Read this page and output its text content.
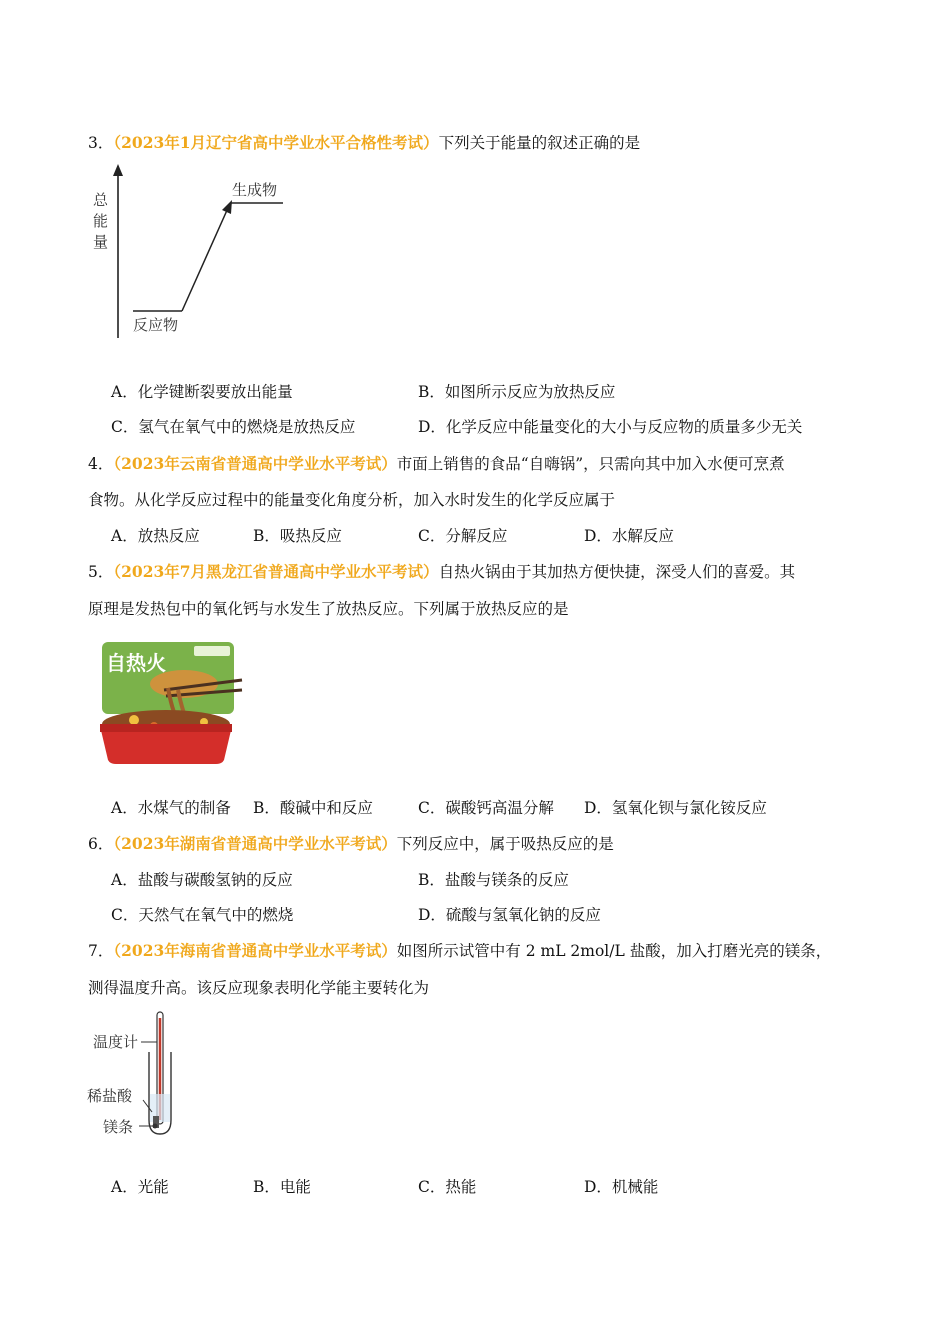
3．（2023年1月辽宁省高中学业水平合格性考试）下列关于能量的叙述正确的是
总
能
量
生成物
反应物
A．化学键断裂要放出能量	B．如图所示反应为放热反应
C．氢气在氧气中的燃烧是放热反应	D．化学反应中能量变化的大小与反应物的质量多少无关
4．（2023年云南省普通高中学业水平考试）市面上销售的食品“自嗨锅”，只需向其中加入水便可烹煮
食物。从化学反应过程中的能量变化角度分析，加入水时发生的化学反应属于
A．放热反应	B．吸热反应	C．分解反应	D．水解反应
5．（2023年7月黑龙江省普通高中学业水平考试）自热火锅由于其加热方便快捷，深受人们的喜爱。其
原理是发热包中的氧化钙与水发生了放热反应。下列属于放热反应的是
自热火
A．水煤气的制备 B．酸碱中和反应	C．碳酸钙高温分解 D．氢氧化钡与氯化铵反应
6．（2023年湖南省普通高中学业水平考试）下列反应中，属于吸热反应的是
A．盐酸与碳酸氢钠的反应	B．盐酸与镁条的反应
C．天然气在氧气中的燃烧	D．硫酸与氢氧化钠的反应
7．（2023年海南省普通高中学业水平考试）如图所示试管中有 2 mL 2mol/L 盐酸，加入打磨光亮的镁条，
测得温度升高。该反应现象表明化学能主要转化为
温度计
稀盐酸
镁条
A．光能	B．电能	C．热能	D．机械能
